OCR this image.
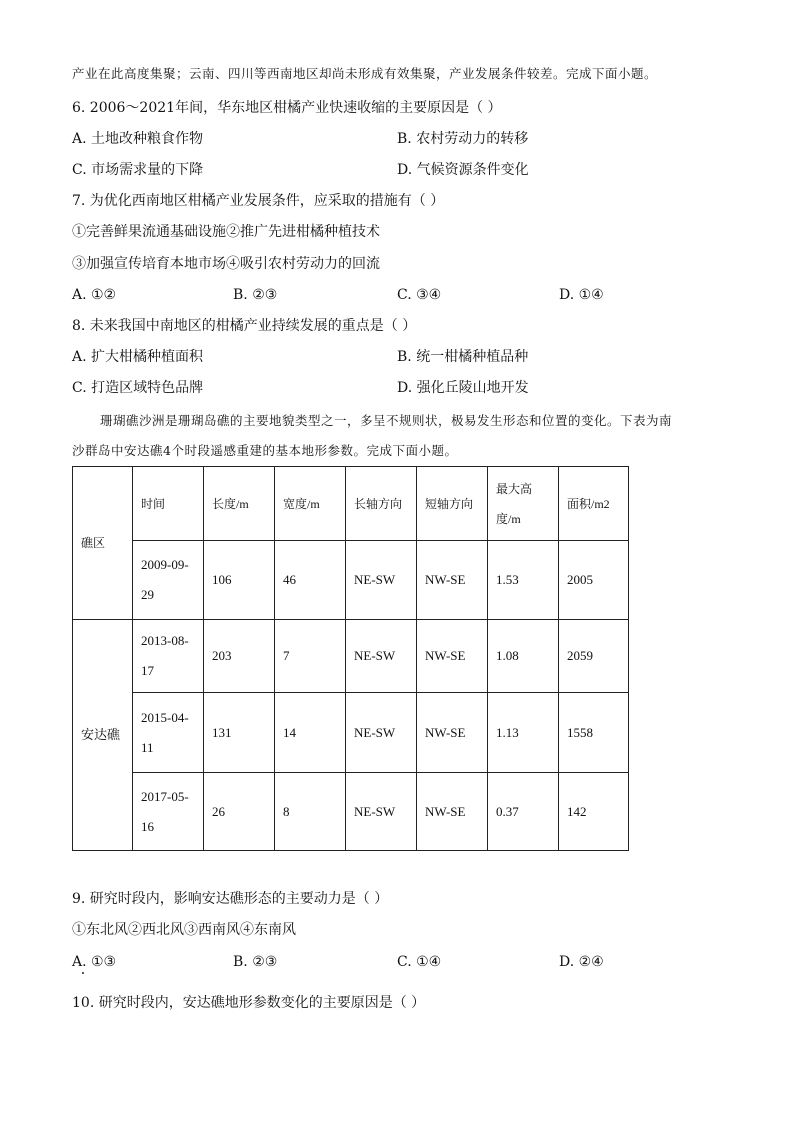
产业在此高度集聚；云南、四川等西南地区却尚未形成有效集聚，产业发展条件较差。完成下面小题。
6. 2006～2021年间，华东地区柑橘产业快速收缩的主要原因是（ ）
A. 土地改种粮食作物	B. 农村劳动力的转移
C. 市场需求量的下降	D. 气候资源条件变化
7. 为优化西南地区柑橘产业发展条件，应采取的措施有（ ）
①完善鲜果流通基础设施②推广先进柑橘种植技术
③加强宣传培育本地市场④吸引农村劳动力的回流
A. ①②	B. ②③	C. ③④	D. ①④
8. 未来我国中南地区的柑橘产业持续发展的重点是（ ）
A. 扩大柑橘种植面积	B. 统一柑橘种植品种
C. 打造区域特色品牌	D. 强化丘陵山地开发
珊瑚礁沙洲是珊瑚岛礁的主要地貌类型之一，多呈不规则状，极易发生形态和位置的变化。下表为南
沙群岛中安达礁4个时段遥感重建的基本地形参数。完成下面小题。
礁区	时间	长度/m	宽度/m	长轴方向	短轴方向	最大高度/m	面积/m2
	2009-09-29	106	46	NE-SW	NW-SE	1.53	2005
安达礁	2013-08-17	203	7	NE-SW	NW-SE	1.08	2059
	2015-04-11	131	14	NE-SW	NW-SE	1.13	1558
	2017-05-16	26	8	NE-SW	NW-SE	0.37	142
9. 研究时段内，影响安达礁形态的主要动力是（ ）
①东北风②西北风③西南风④东南风
A. ①③	B. ②③	C. ①④	D. ②④
10. 研究时段内，安达礁地形参数变化的主要原因是（ ）
